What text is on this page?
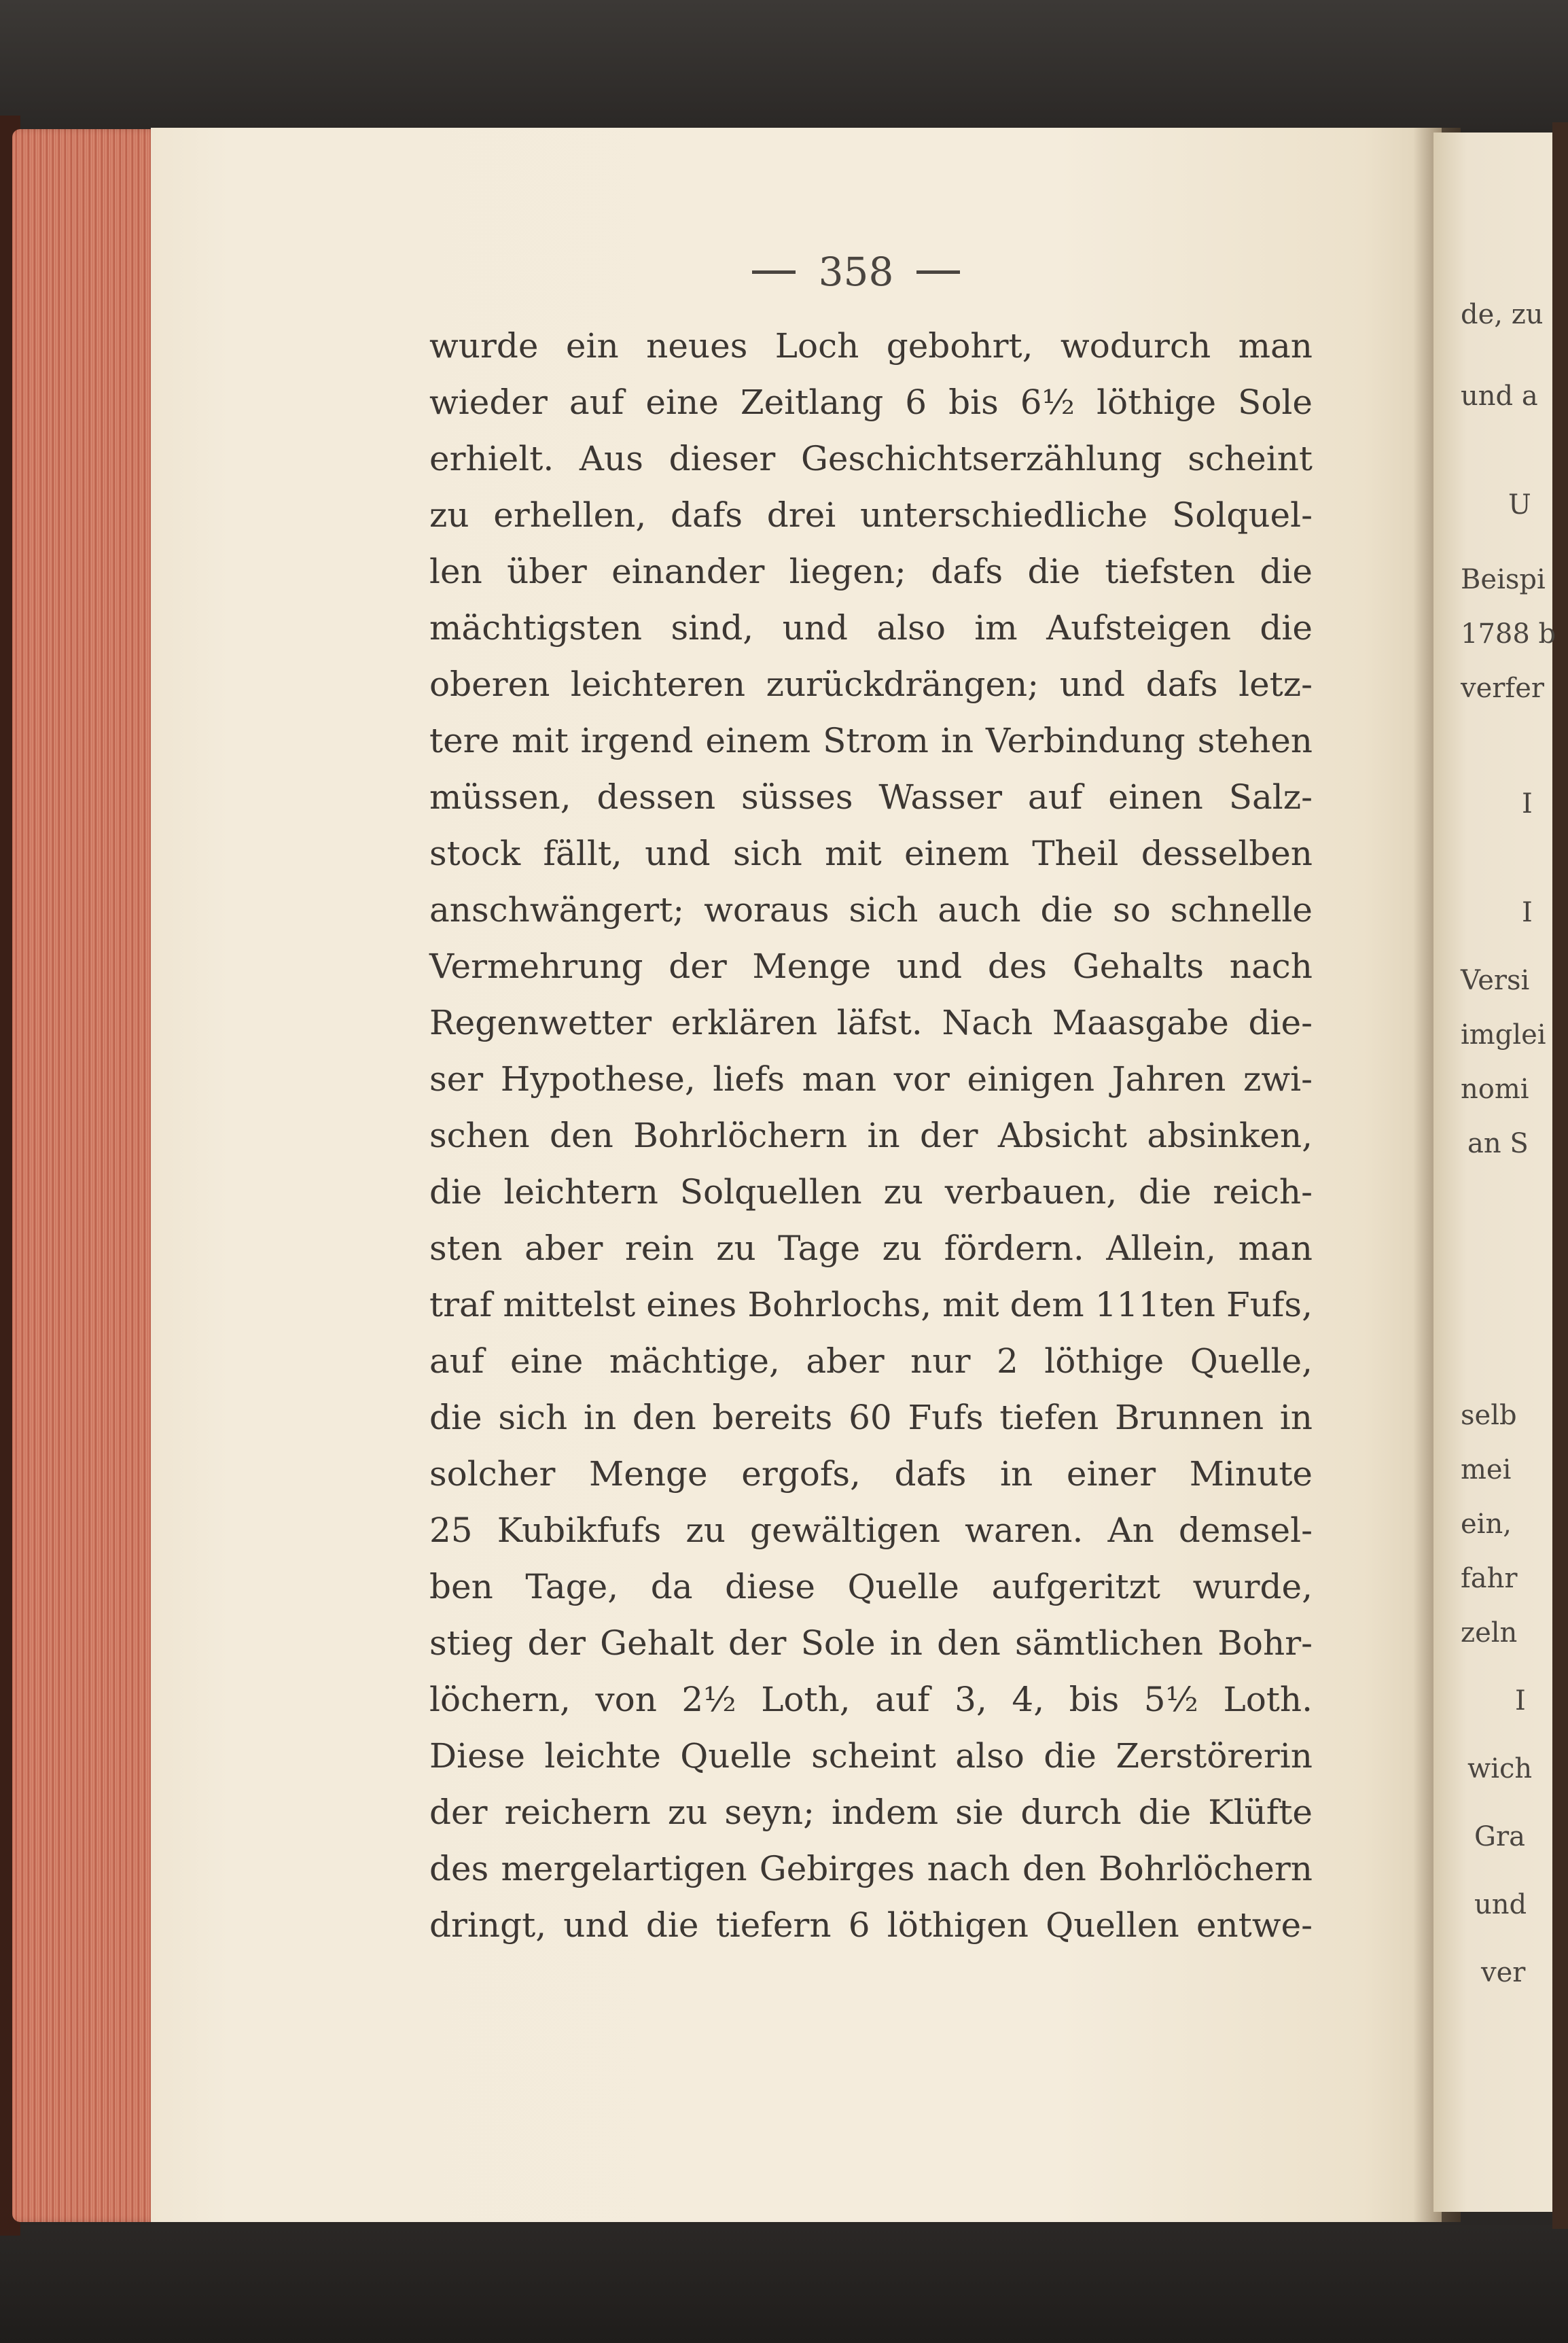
358
wurde ein neues Loch gebohrt, wodurch man
wieder auf eine Zeitlang 6 bis 6½ löthige Sole
erhielt. Aus dieser Geschichtserzählung scheint
zu erhellen, dafs drei unterschiedliche Solquel-
len über einander liegen; dafs die tiefsten die
mächtigsten sind, und also im Aufsteigen die
oberen leichteren zurückdrängen; und dafs letz-
tere mit irgend einem Strom in Verbindung stehen
müssen, dessen süsses Wasser auf einen Salz-
stock fällt, und sich mit einem Theil desselben
anschwängert; woraus sich auch die so schnelle
Vermehrung der Menge und des Gehalts nach
Regenwetter erklären läfst. Nach Maasgabe die-
ser Hypothese, liefs man vor einigen Jahren zwi-
schen den Bohrlöchern in der Absicht absinken,
die leichtern Solquellen zu verbauen, die reich-
sten aber rein zu Tage zu fördern. Allein, man
traf mittelst eines Bohrlochs, mit dem 111ten Fufs,
auf eine mächtige, aber nur 2 löthige Quelle,
die sich in den bereits 60 Fufs tiefen Brunnen in
solcher Menge ergofs, dafs in einer Minute
25 Kubikfufs zu gewältigen waren. An demsel-
ben Tage, da diese Quelle aufgeritzt wurde,
stieg der Gehalt der Sole in den sämtlichen Bohr-
löchern, von 2½ Loth, auf 3, 4, bis 5½ Loth.
Diese leichte Quelle scheint also die Zerstörerin
der reichern zu seyn; indem sie durch die Klüfte
des mergelartigen Gebirges nach den Bohrlöchern
dringt, und die tiefern 6 löthigen Quellen entwe-
de, zu
und a
U
Beispi
1788 b
verfer
I
I
Versi
imglei
nomi
an S
selb
mei
ein,
fahr
zeln
I
wich
Gra
und
ver
